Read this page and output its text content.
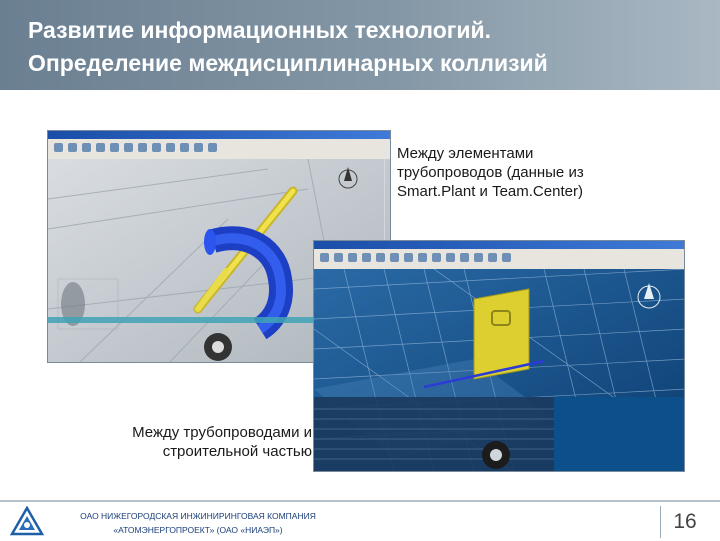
Развитие информационных технологий.
Определение междисциплинарных коллизий
Между элементами трубопроводов (данные из Smart.Plant и Team.Center)
Между трубопроводами и строительной частью
ОАО НИЖЕГОРОДСКАЯ ИНЖИНИРИНГОВАЯ КОМПАНИЯ
«АТОМЭНЕРГОПРОЕКТ» (ОАО «НИАЭП»)	16
